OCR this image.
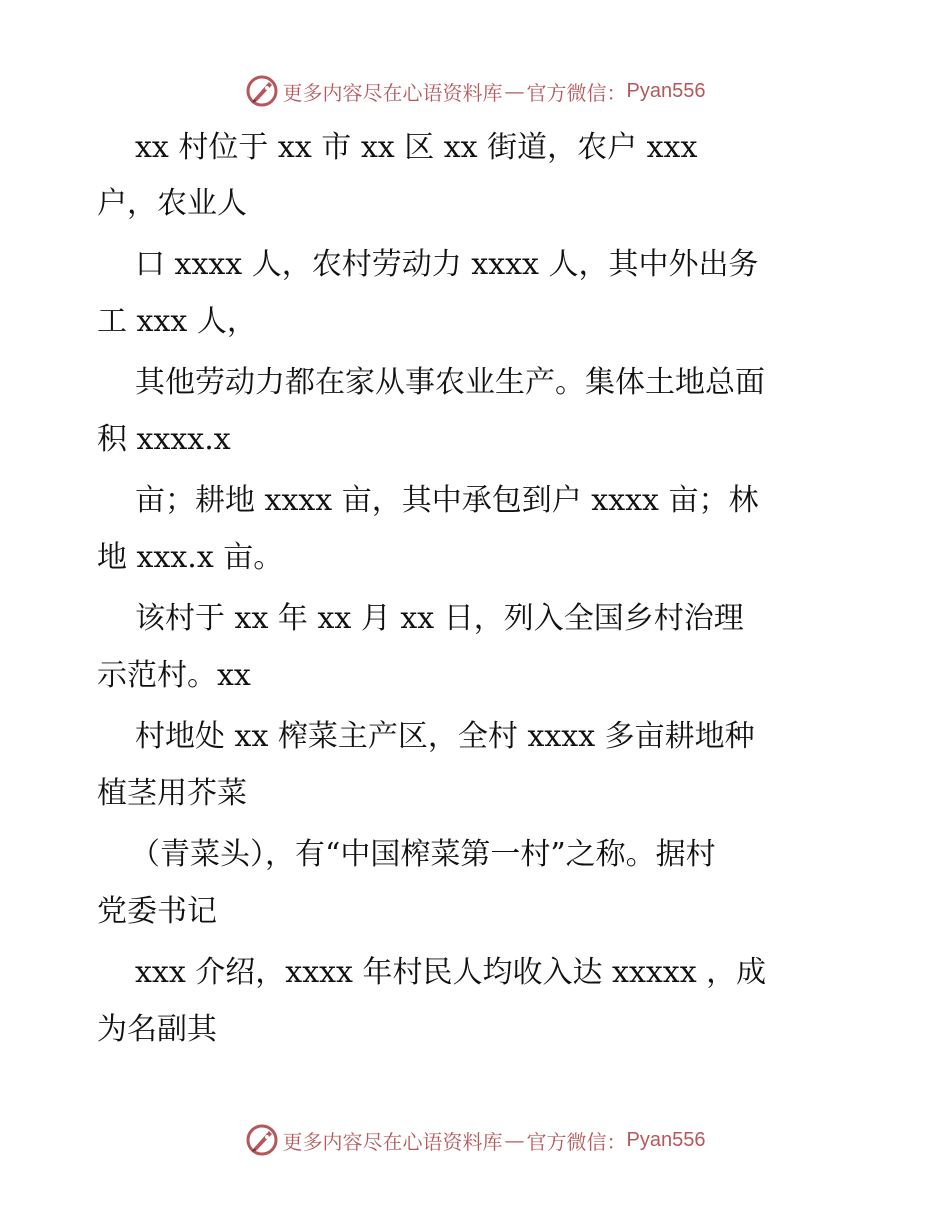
更多内容尽在心语资料库 — 官方微信： Pyan556
xx 村位于 xx 市 xx 区 xx 街道，农户 xxx
户，农业人
口 xxxx 人，农村劳动力 xxxx 人，其中外出务
工 xxx 人，
其他劳动力都在家从事农业生产。集体土地总面
积 xxxx.x
亩；耕地 xxxx 亩，其中承包到户 xxxx 亩；林
地 xxx.x 亩。
该村于 xx 年 xx 月 xx 日，列入全国乡村治理
示范村。xx
村地处 xx 榨菜主产区，全村 xxxx 多亩耕地种
植茎用芥菜
（青菜头），有“中国榨菜第一村”之称。据村
党委书记
xxx 介绍，xxxx 年村民人均收入达 xxxxx ，成
为名副其
更多内容尽在心语资料库 — 官方微信： Pyan556
